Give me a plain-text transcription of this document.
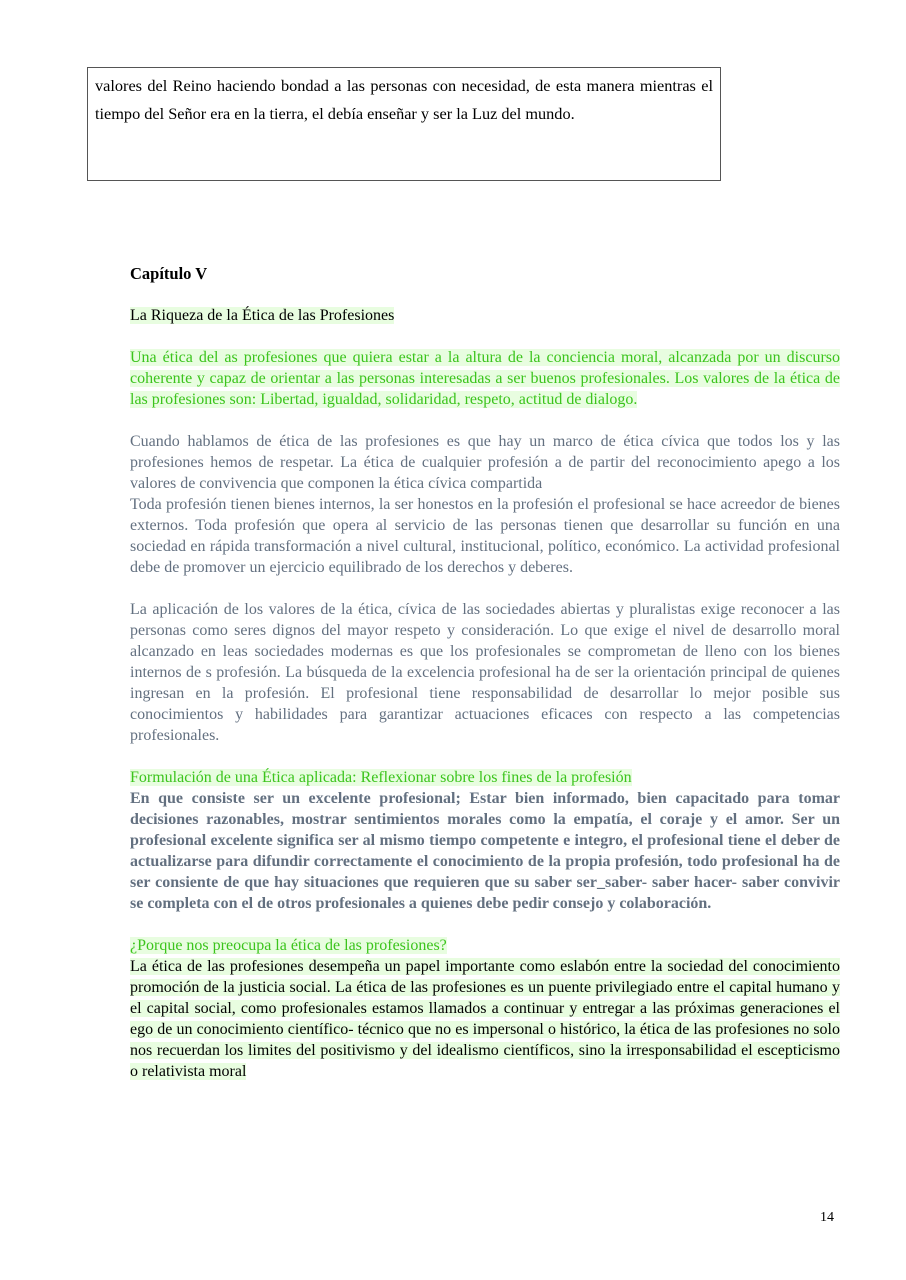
valores del Reino haciendo bondad a las personas con necesidad, de esta manera mientras el tiempo del Señor era en la tierra, el debía enseñar y ser la Luz del mundo.

Capítulo V

La Riqueza de la Ética de las Profesiones

Una ética del as profesiones que quiera estar a la altura de la conciencia moral, alcanzada por un discurso coherente y capaz de orientar a las personas interesadas a ser buenos profesionales. Los valores de la ética de las profesiones son: Libertad, igualdad, solidaridad, respeto, actitud de dialogo.

Cuando hablamos de ética de las profesiones es que hay un marco de ética cívica que todos los y las profesiones hemos de respetar. La ética de cualquier profesión a de partir del reconocimiento apego a los valores de convivencia que componen la ética cívica compartida

Toda profesión tienen bienes internos, la ser honestos en la profesión el profesional se hace acreedor de bienes externos. Toda profesión que opera al servicio de las personas tienen que desarrollar su función en una sociedad en rápida transformación a nivel cultural, institucional, político, económico. La actividad profesional debe de promover un ejercicio equilibrado de los derechos y deberes.

La aplicación de los valores de la ética, cívica de las sociedades abiertas y pluralistas exige reconocer a las personas como seres dignos del mayor respeto y consideración. Lo que exige el nivel de desarrollo moral alcanzado en leas sociedades modernas es que los profesionales se comprometan de lleno con los bienes internos de s profesión. La búsqueda de la excelencia profesional ha de ser la orientación principal de quienes ingresan en la profesión. El profesional tiene responsabilidad de desarrollar lo mejor posible sus conocimientos y habilidades para garantizar actuaciones eficaces con respecto a las competencias profesionales.

Formulación de una Ética aplicada: Reflexionar sobre los fines de la profesión

En que consiste ser un excelente profesional; Estar bien informado, bien capacitado para tomar decisiones razonables, mostrar sentimientos morales como la empatía, el coraje y el amor. Ser un profesional excelente significa ser al mismo tiempo competente e integro, el profesional tiene el deber de actualizarse para difundir correctamente el conocimiento de la propia profesión, todo profesional ha de ser consiente de que hay situaciones que requieren que su saber ser_saber- saber hacer- saber convivir se completa con el de otros profesionales a quienes debe pedir consejo y colaboración.

¿Porque nos preocupa la ética de las profesiones?

La ética de las profesiones desempeña un papel importante como eslabón entre la sociedad del conocimiento promoción de la justicia social. La ética de las profesiones es un puente privilegiado entre el capital humano y el capital social, como profesionales estamos llamados a continuar y entregar a las próximas generaciones el ego de un conocimiento científico- técnico que no es impersonal o histórico, la ética de las profesiones no solo nos recuerdan los limites del positivismo y del idealismo científicos, sino la irresponsabilidad el escepticismo o relativista moral

14
